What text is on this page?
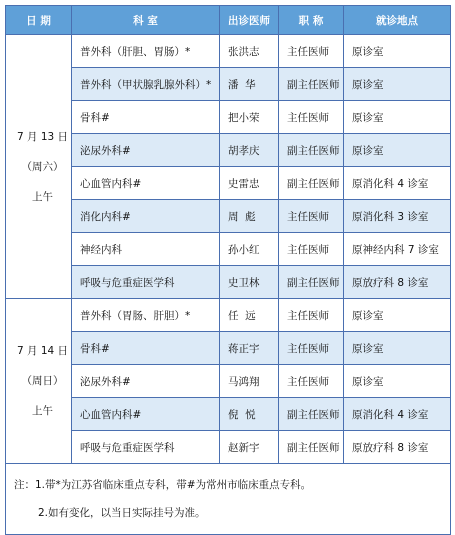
日 期	科 室	出诊医师	职 称	就诊地点

7 月 13 日
（周六）
上午	普外科（肝胆、胃肠）*	张洪志	主任医师	原诊室
	普外科（甲状腺乳腺外科）*	潘  华	副主任医师	原诊室
	骨科#	把小荣	主任医师	原诊室
	泌尿外科#	胡孝庆	副主任医师	原诊室
	心血管内科#	史雷忠	副主任医师	原消化科 4 诊室
	消化内科#	周  彪	主任医师	原消化科 3 诊室
	神经内科	孙小红	主任医师	原神经内科 7 诊室
	呼吸与危重症医学科	史卫林	副主任医师	原放疗科 8 诊室

7 月 14 日
（周日）
上午	普外科（胃肠、肝胆）*	任  远	主任医师	原诊室
	骨科#	蒋正宇	主任医师	原诊室
	泌尿外科#	马鸿翔	主任医师	原诊室
	心血管内科#	倪  悦	副主任医师	原消化科 4 诊室
	呼吸与危重症医学科	赵新宇	副主任医师	原放疗科 8 诊室

注：1.带*为江苏省临床重点专科，带#为常州市临床重点专科。
2.如有变化，以当日实际挂号为准。				
